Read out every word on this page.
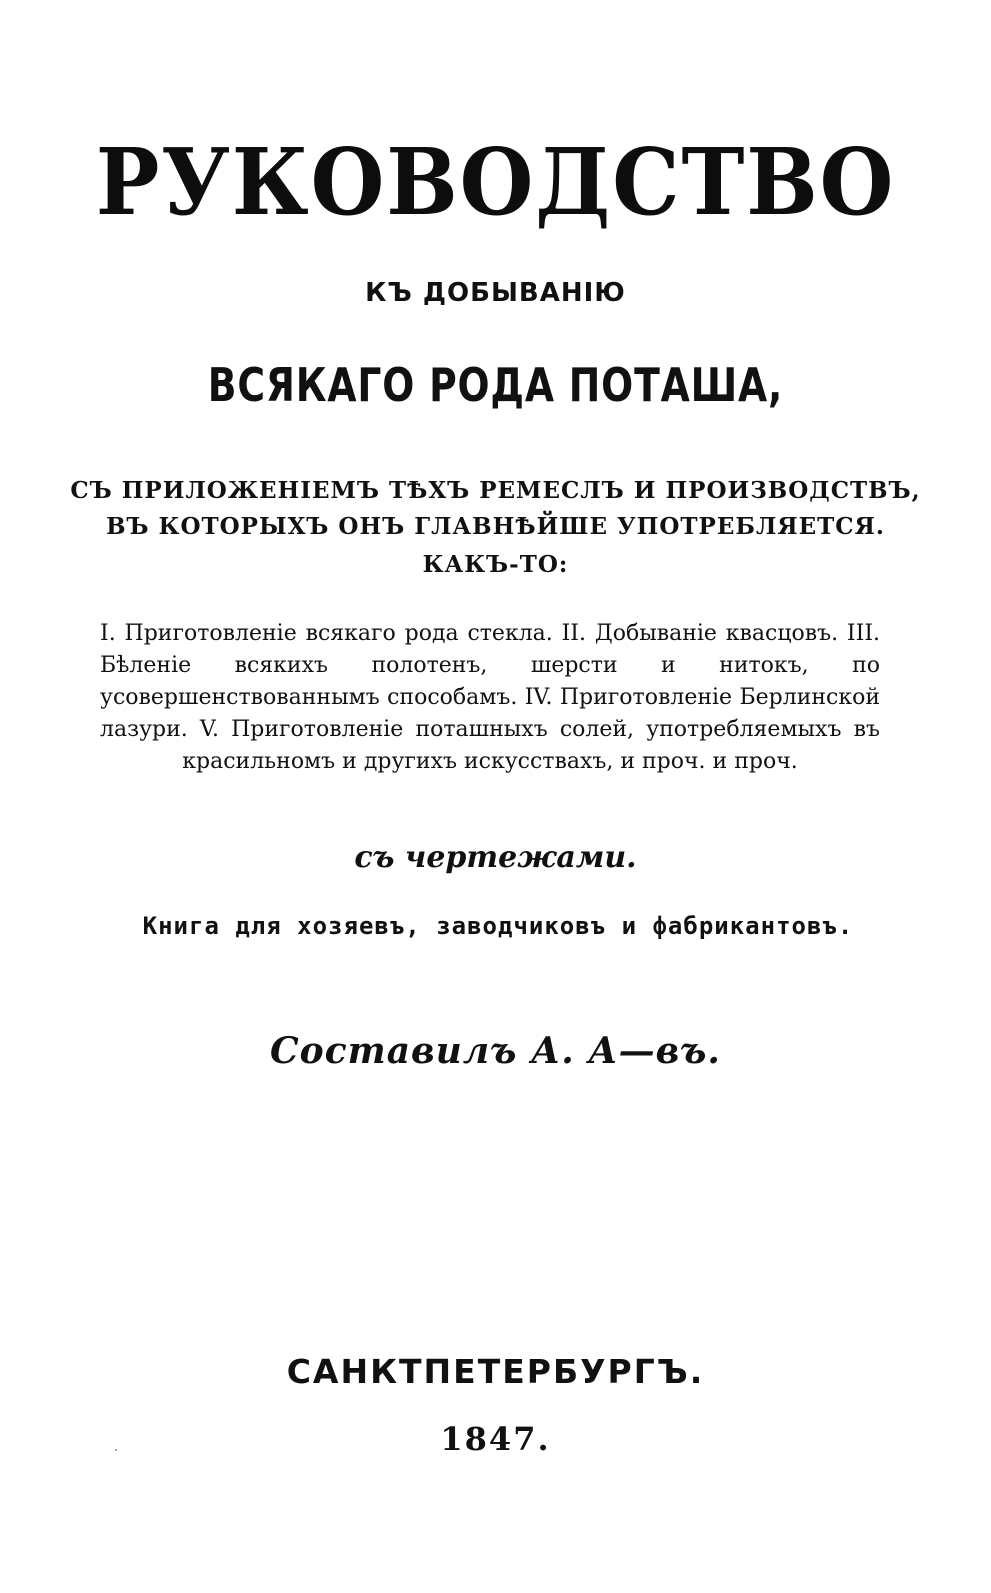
РУКОВОДСТВО
КЪ ДОБЫВАНІЮ
ВСЯКАГО РОДА ПОТАША,
СЪ ПРИЛОЖЕНІЕМЪ ТѢХЪ РЕМЕСЛЪ И ПРОИЗВОДСТВЪ,
ВЪ КОТОРЫХЪ ОНЪ ГЛАВНѢЙШЕ УПОТРЕБЛЯЕТСЯ.
КАКЪ-ТО:
I. Приготовленіе всякаго рода стекла. II. Добываніе квасцовъ. III. Бѣленіе всякихъ полотенъ, шерсти и нитокъ, по усовершенствованнымъ способамъ. IV. Приготовленіе Берлинской лазури. V. Приготовленіе поташныхъ солей, употребляемыхъ въ красильномъ и другихъ искусствахъ, и проч. и проч.
съ чертежами.
Книга для хозяевъ, заводчиковъ и фабрикантовъ.
Составилъ А. А—въ.
САНКТПЕТЕРБУРГЪ.
1847.
